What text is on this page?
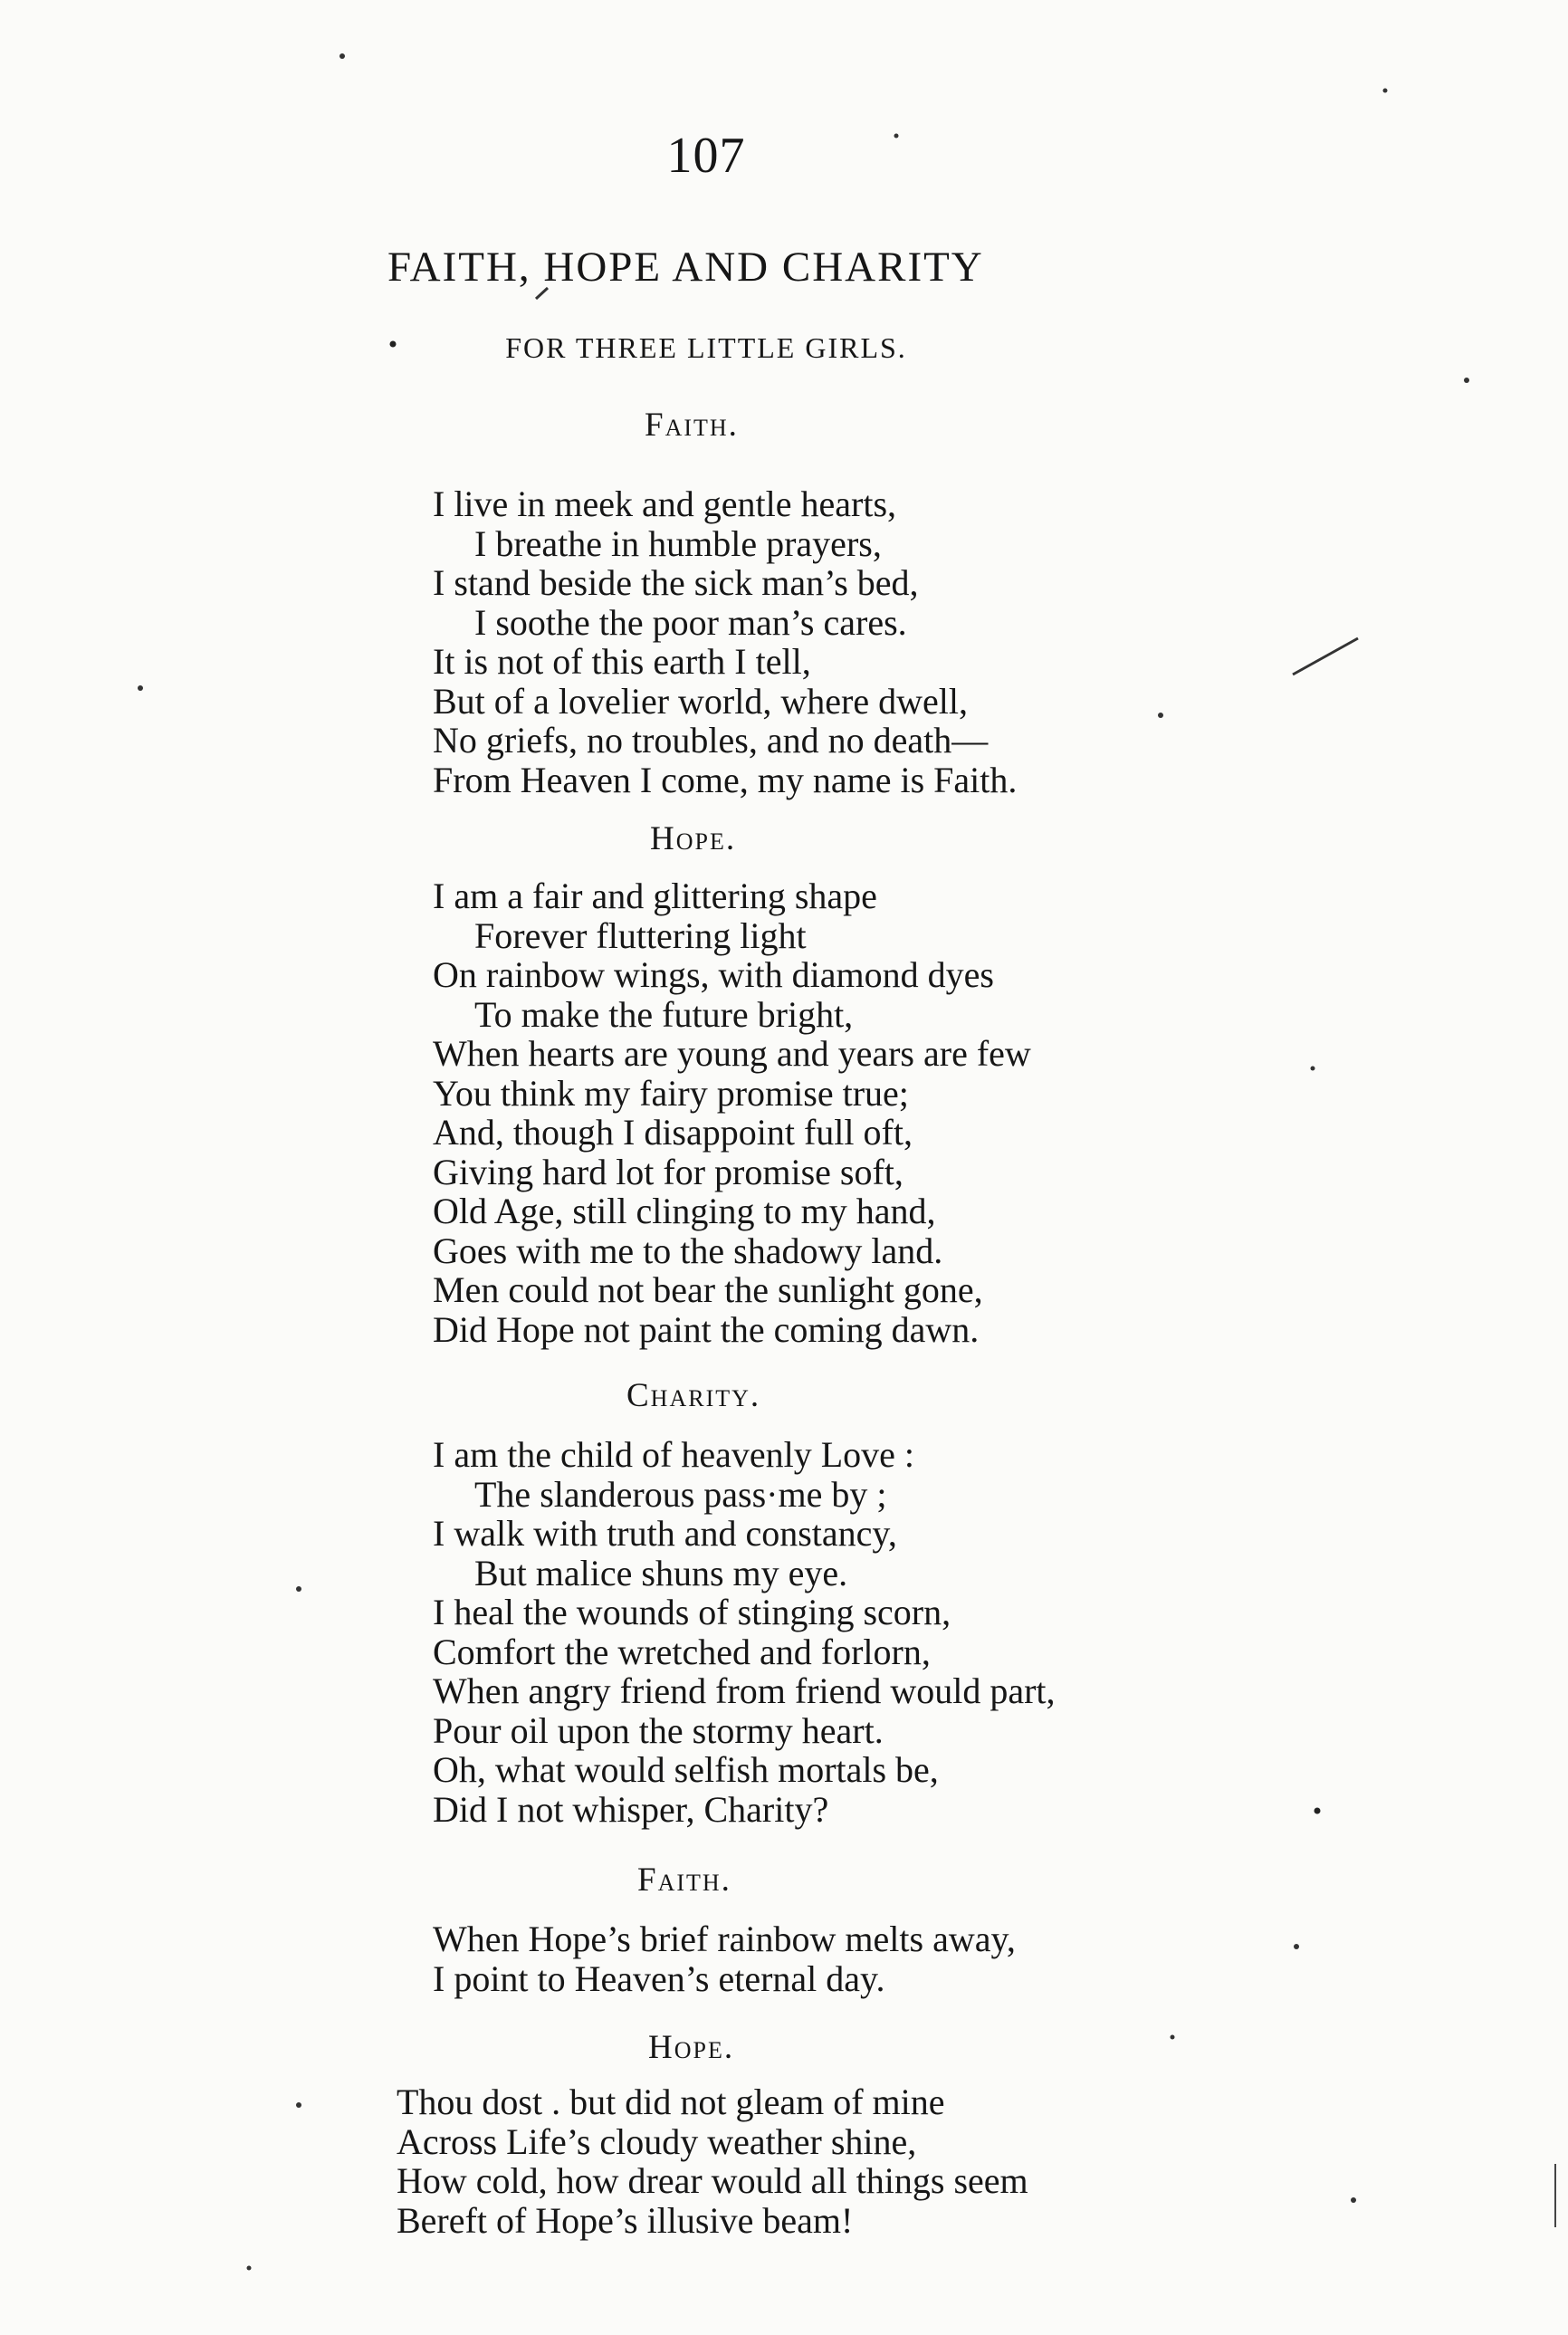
107
FAITH, HOPE AND CHARITY
FOR THREE LITTLE GIRLS.
Faith.
I live in meek and gentle hearts,
I breathe in humble prayers,
I stand beside the sick man’s bed,
I soothe the poor man’s cares.
It is not of this earth I tell,
But of a lovelier world, where dwell,
No griefs, no troubles, and no death—
From Heaven I come, my name is Faith.
Hope.
I am a fair and glittering shape
Forever fluttering light
On rainbow wings, with diamond dyes
To make the future bright,
When hearts are young and years are few
You think my fairy promise true;
And, though I disappoint full oft,
Giving hard lot for promise soft,
Old Age, still clinging to my hand,
Goes with me to the shadowy land.
Men could not bear the sunlight gone,
Did Hope not paint the coming dawn.
Charity.
I am the child of heavenly Love :
The slanderous pass·me by ;
I walk with truth and constancy,
But malice shuns my eye.
I heal the wounds of stinging scorn,
Comfort the wretched and forlorn,
When angry friend from friend would part,
Pour oil upon the stormy heart.
Oh, what would selfish mortals be,
Did I not whisper, Charity?
Faith.
When Hope’s brief rainbow melts away,
I point to Heaven’s eternal day.
Hope.
Thou dost . but did not gleam of mine
Across Life’s cloudy weather shine,
How cold, how drear would all things seem
Bereft of Hope’s illusive beam!
